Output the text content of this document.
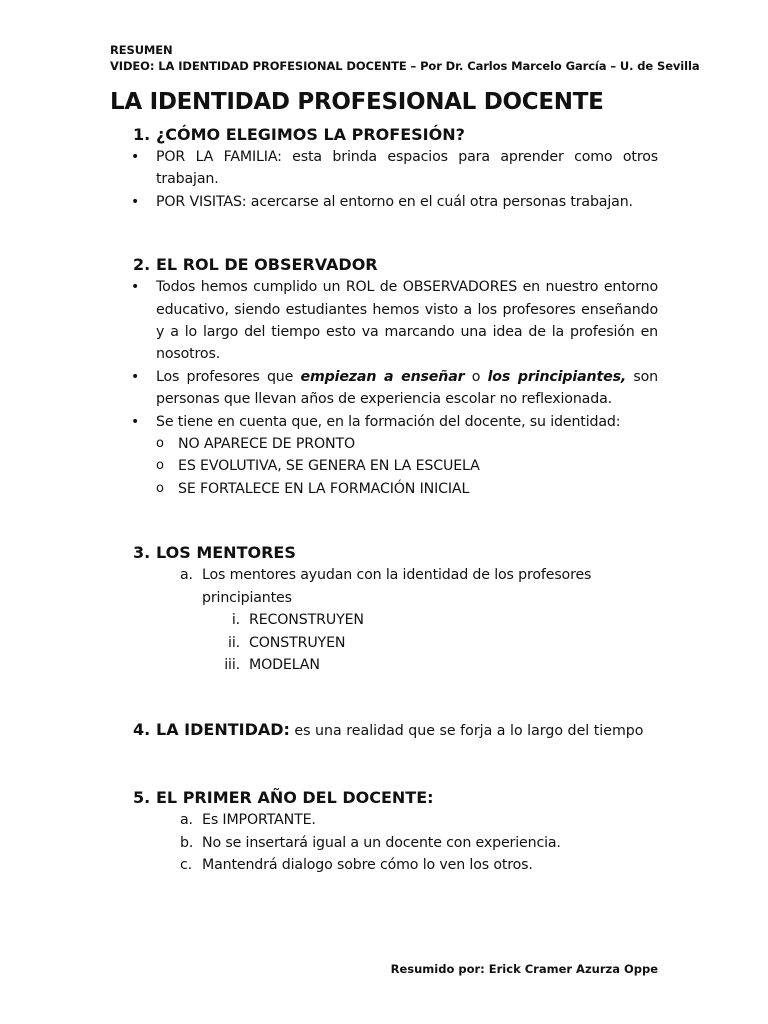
RESUMEN
VIDEO: LA IDENTIDAD PROFESIONAL DOCENTE – Por Dr. Carlos Marcelo García – U. de Sevilla
LA IDENTIDAD PROFESIONAL DOCENTE
1. ¿CÓMO ELEGIMOS LA PROFESIÓN?
• POR LA FAMILIA: esta brinda espacios para aprender como otros trabajan.
• POR VISITAS: acercarse al entorno en el cuál otra personas trabajan.
2. EL ROL DE OBSERVADOR
• Todos hemos cumplido un ROL de OBSERVADORES en nuestro entorno educativo, siendo estudiantes hemos visto a los profesores enseñando y a lo largo del tiempo esto va marcando una idea de la profesión en nosotros.
• Los profesores que empiezan a enseñar o los principiantes, son personas que llevan años de experiencia escolar no reflexionada.
• Se tiene en cuenta que, en la formación del docente, su identidad:
o NO APARECE DE PRONTO
o ES EVOLUTIVA, SE GENERA EN LA ESCUELA
o SE FORTALECE EN LA FORMACIÓN INICIAL
3. LOS MENTORES
a. Los mentores ayudan con la identidad de los profesores principiantes
i. RECONSTRUYEN
ii. CONSTRUYEN
iii. MODELAN
4. LA IDENTIDAD: es una realidad que se forja a lo largo del tiempo
5. EL PRIMER AÑO DEL DOCENTE:
a. Es IMPORTANTE.
b. No se insertará igual a un docente con experiencia.
c. Mantendrá dialogo sobre cómo lo ven los otros.
Resumido por: Erick Cramer Azurza Oppe
